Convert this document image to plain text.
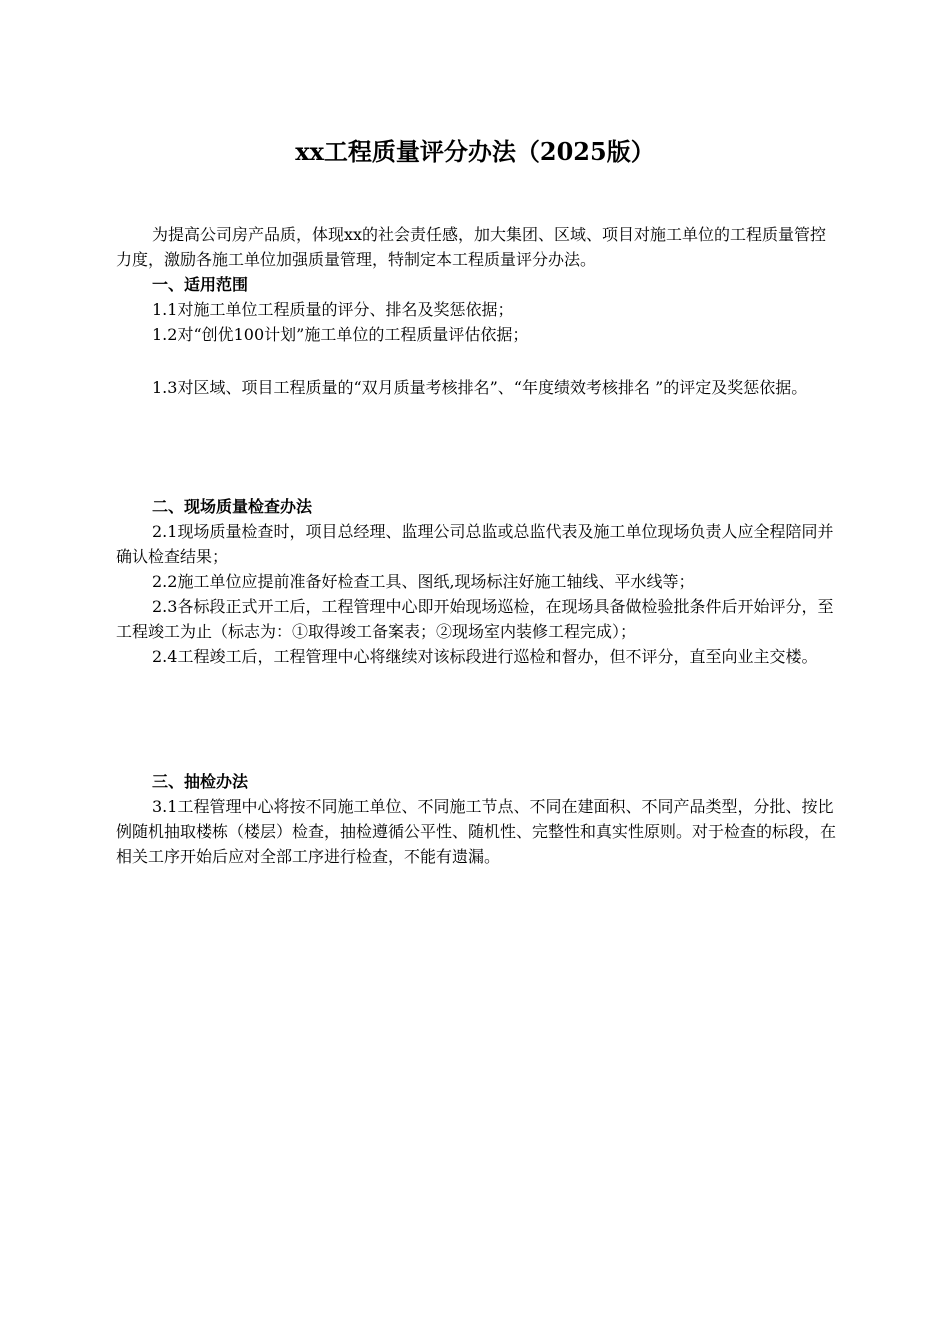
xx工程质量评分办法（2025版）

为提高公司房产品质，体现xx的社会责任感，加大集团、区域、项目对施工单位的工程质量管控力度，激励各施工单位加强质量管理，特制定本工程质量评分办法。

一、适用范围

1.1对施工单位工程质量的评分、排名及奖惩依据；

1.2对“创优100计划”施工单位的工程质量评估依据；

1.3对区域、项目工程质量的“双月质量考核排名”、“年度绩效考核排名 ”的评定及奖惩依据。

二、现场质量检查办法

2.1现场质量检查时，项目总经理、监理公司总监或总监代表及施工单位现场负责人应全程陪同并确认检查结果；

2.2施工单位应提前准备好检查工具、图纸,现场标注好施工轴线、平水线等；

2.3各标段正式开工后，工程管理中心即开始现场巡检，在现场具备做检验批条件后开始评分，至工程竣工为止（标志为：①取得竣工备案表；②现场室内装修工程完成）；

2.4工程竣工后，工程管理中心将继续对该标段进行巡检和督办，但不评分，直至向业主交楼。

三、抽检办法

3.1工程管理中心将按不同施工单位、不同施工节点、不同在建面积、不同产品类型，分批、按比例随机抽取楼栋（楼层）检查，抽检遵循公平性、随机性、完整性和真实性原则。对于检查的标段，在相关工序开始后应对全部工序进行检查，不能有遗漏。
